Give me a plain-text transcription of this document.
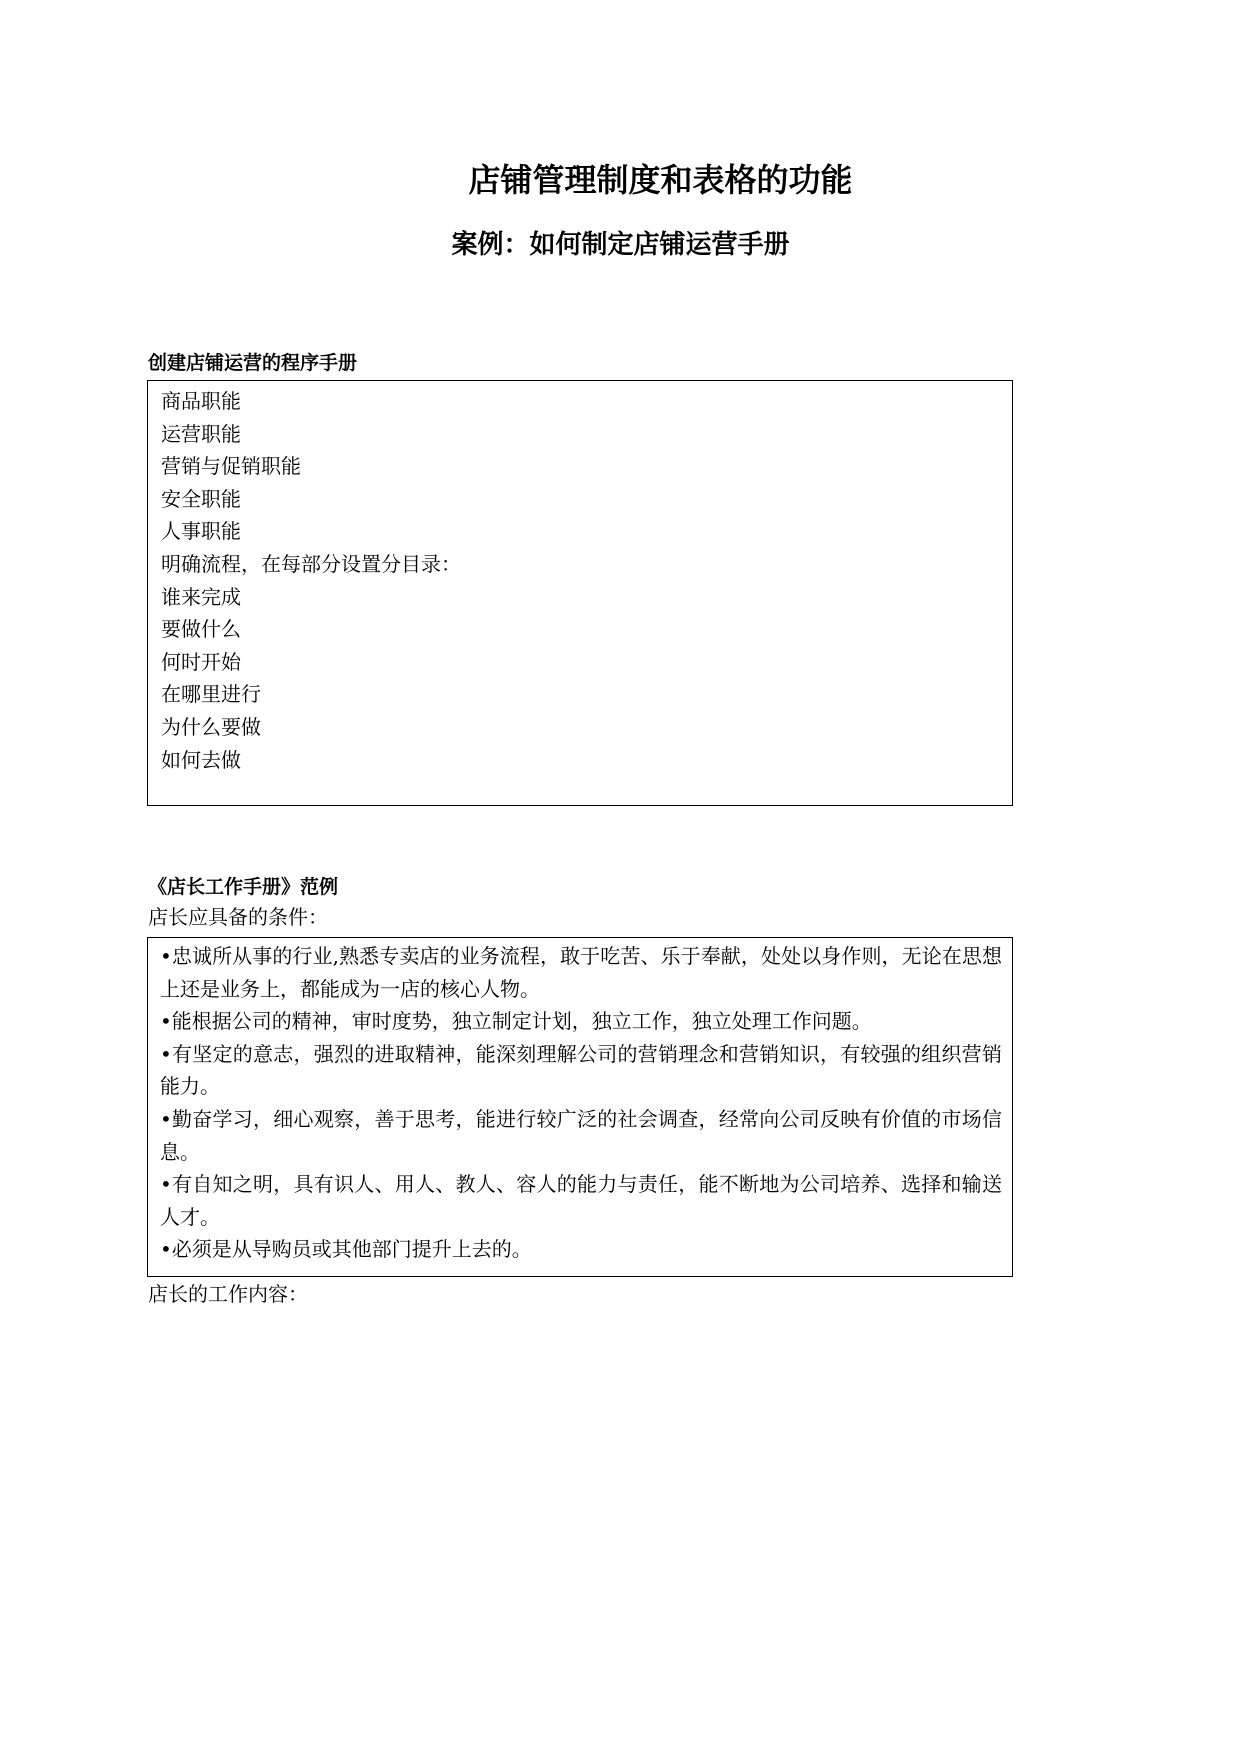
店铺管理制度和表格的功能
案例：如何制定店铺运营手册
创建店铺运营的程序手册
商品职能
运营职能
营销与促销职能
安全职能
人事职能
明确流程，在每部分设置分目录：
谁来完成
要做什么
何时开始
在哪里进行
为什么要做
如何去做
《店长工作手册》范例
店长应具备的条件：
•忠诚所从事的行业,熟悉专卖店的业务流程，敢于吃苦、乐于奉献，处处以身作则，无论在思想上还是业务上，都能成为一店的核心人物。
•能根据公司的精神，审时度势，独立制定计划，独立工作，独立处理工作问题。
•有坚定的意志，强烈的进取精神，能深刻理解公司的营销理念和营销知识，有较强的组织营销能力。
•勤奋学习，细心观察，善于思考，能进行较广泛的社会调查，经常向公司反映有价值的市场信息。
•有自知之明，具有识人、用人、教人、容人的能力与责任，能不断地为公司培养、选择和输送人才。
•必须是从导购员或其他部门提升上去的。
店长的工作内容：
